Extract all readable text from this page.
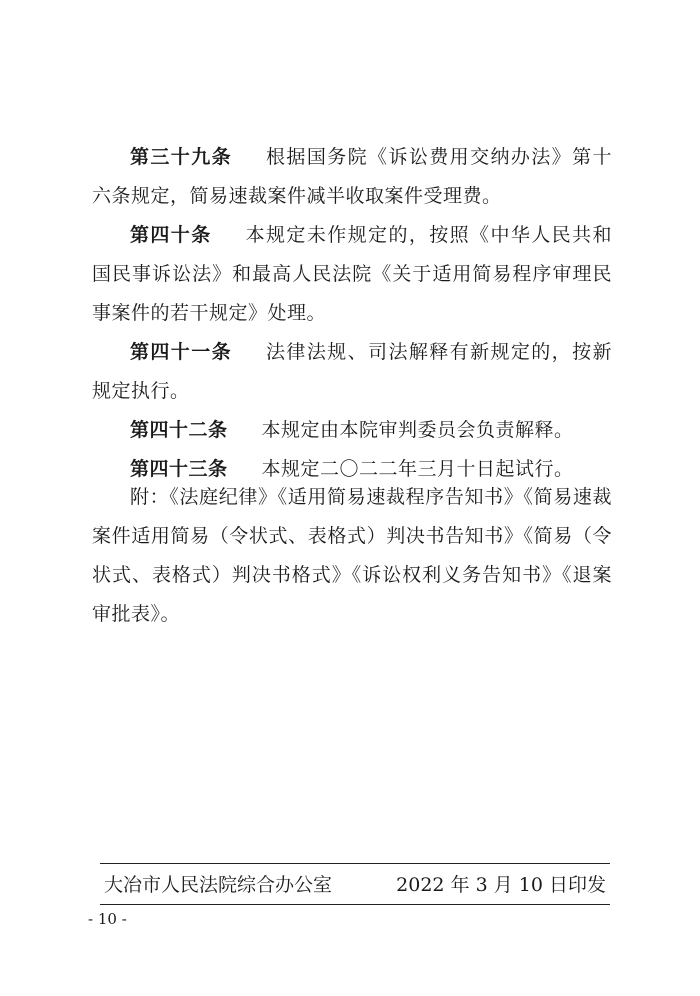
第三十九条 根据国务院《诉讼费用交纳办法》第十六条规定，简易速裁案件减半收取案件受理费。

第四十条 本规定未作规定的，按照《中华人民共和国民事诉讼法》和最高人民法院《关于适用简易程序审理民事案件的若干规定》处理。

第四十一条 法律法规、司法解释有新规定的，按新规定执行。

第四十二条 本规定由本院审判委员会负责解释。

第四十三条 本规定二〇二二年三月十日起试行。

附：《法庭纪律》《适用简易速裁程序告知书》《简易速裁案件适用简易（令状式、表格式）判决书告知书》《简易（令状式、表格式）判决书格式》《诉讼权利义务告知书》《退案审批表》。

大冶市人民法院综合办公室	2022 年 3 月 10 日印发
- 10 -
